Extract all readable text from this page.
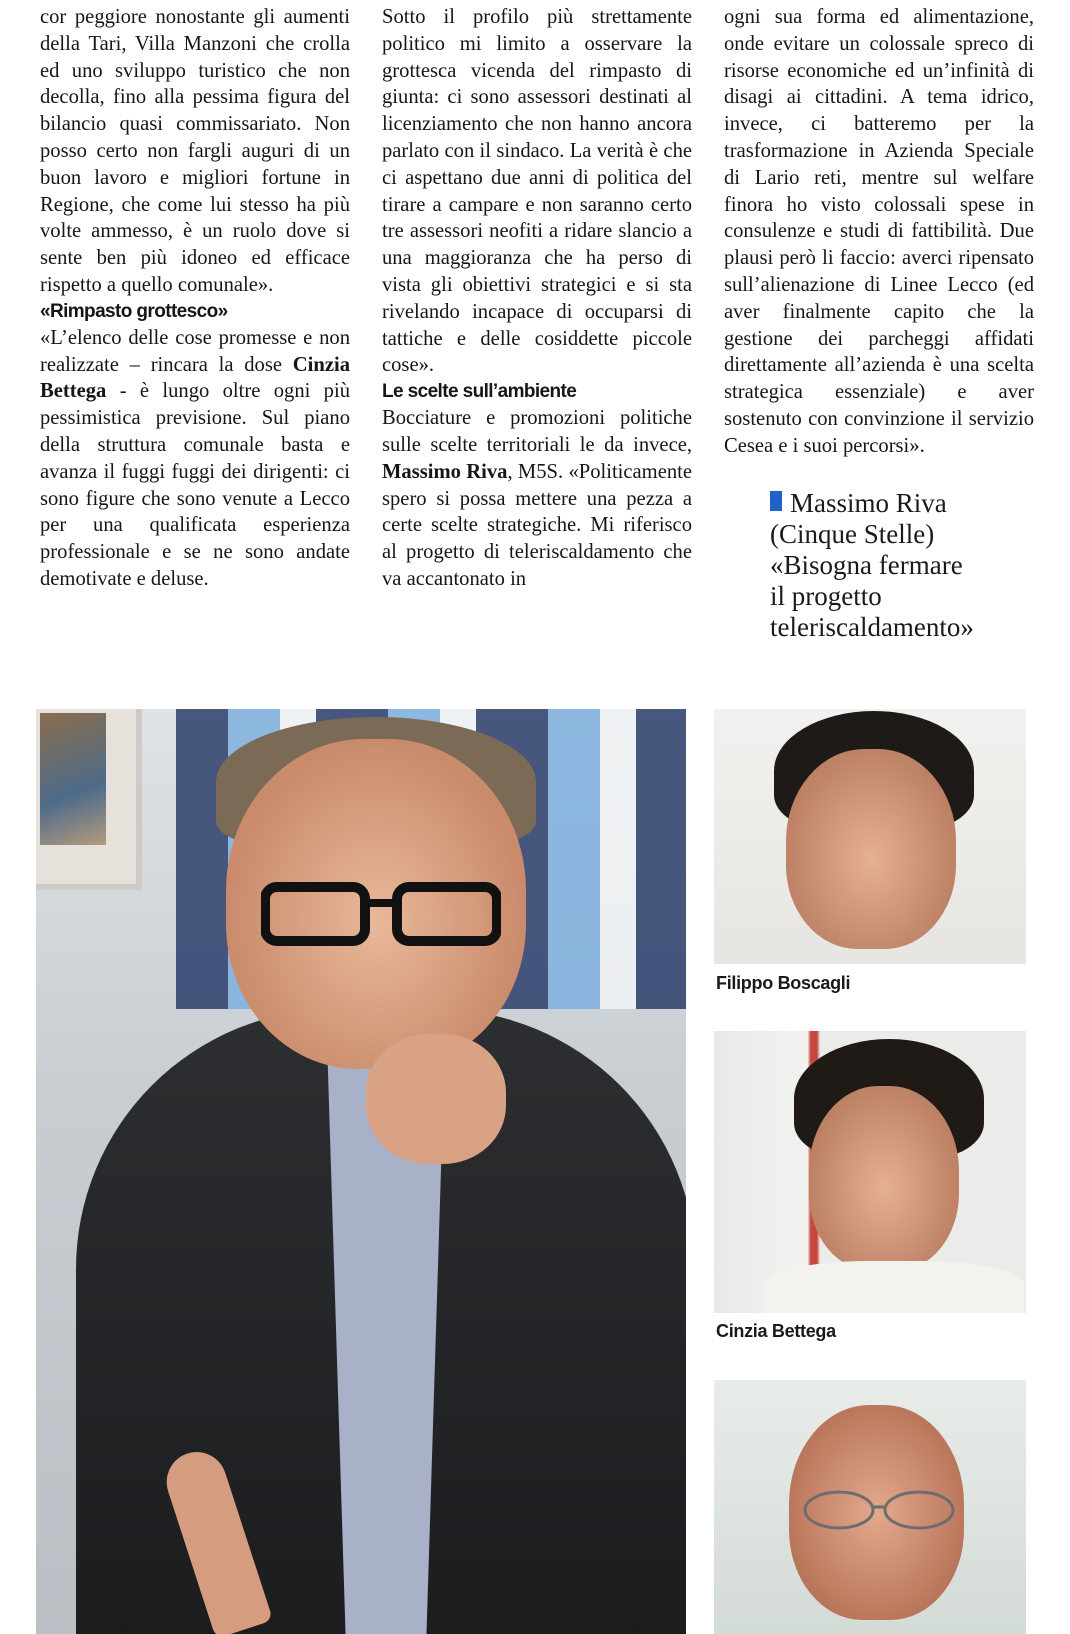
cor peggiore nonostante gli aumenti della Tari, Villa Manzoni che crolla ed uno sviluppo turistico che non decolla, fino alla pessima figura del bilancio quasi commissariato. Non posso certo non fargli auguri di un buon lavoro e migliori fortune in Regione, che come lui stesso ha più volte ammesso, è un ruolo dove si sente ben più idoneo ed efficace rispetto a quello comunale».

«Rimpasto grottesco»

«L’elenco delle cose promesse e non realizzate – rincara la dose Cinzia Bettega - è lungo oltre ogni più pessimistica previsione. Sul piano della struttura comunale basta e avanza il fuggi fuggi dei dirigenti: ci sono figure che sono venute a Lecco per una qualificata esperienza professionale e se ne sono andate demotivate e deluse.

Sotto il profilo più strettamente politico mi limito a osservare la grottesca vicenda del rimpasto di giunta: ci sono assessori destinati al licenziamento che non hanno ancora parlato con il sindaco. La verità è che ci aspettano due anni di politica del tirare a campare e non saranno certo tre assessori neofiti a ridare slancio a una maggioranza che ha perso di vista gli obiettivi strategici e si sta rivelando incapace di occuparsi di tattiche e delle cosiddette piccole cose».

Le scelte sull’ambiente

Bocciature e promozioni politiche sulle scelte territoriali le da invece, Massimo Riva, M5S. «Politicamente spero si possa mettere una pezza a certe scelte strategiche. Mi riferisco al progetto di teleriscaldamento che va accantonato in

ogni sua forma ed alimentazione, onde evitare un colossale spreco di risorse economiche ed un’infinità di disagi ai cittadini. A tema idrico, invece, ci batteremo per la trasformazione in Azienda Speciale di Lario reti, mentre sul welfare finora ho visto colossali spese in consulenze e studi di fattibilità. Due plausi però li faccio: averci ripensato sull’alienazione di Linee Lecco (ed aver finalmente capito che la gestione dei parcheggi affidati direttamente all’azienda è una scelta strategica essenziale) e aver sostenuto con convinzione il servizio Cesea e i suoi percorsi».

Massimo Riva
(Cinque Stelle)
«Bisogna fermare
il progetto
teleriscaldamento»
Filippo Boscagli
Cinzia Bettega
